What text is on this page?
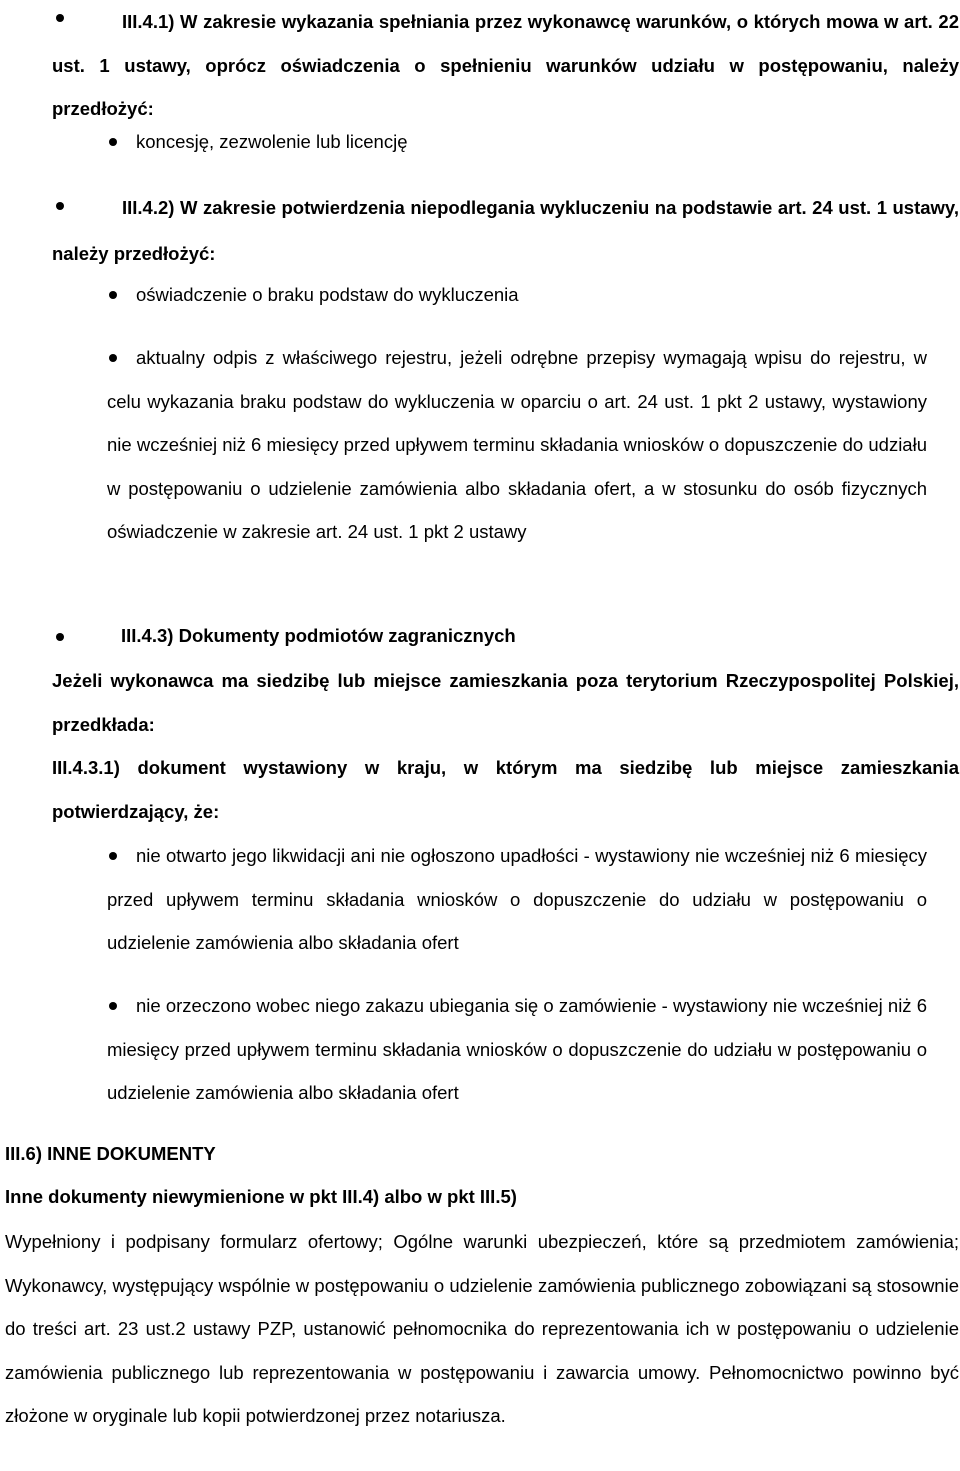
III.4.1) W zakresie wykazania spełniania przez wykonawcę warunków, o których mowa w art. 22 ust. 1 ustawy, oprócz oświadczenia o spełnieniu warunków udziału w postępowaniu, należy przedłożyć:

koncesję, zezwolenie lub licencję

III.4.2) W zakresie potwierdzenia niepodlegania wykluczeniu na podstawie art. 24 ust. 1 ustawy, należy przedłożyć:

oświadczenie o braku podstaw do wykluczenia

aktualny odpis z właściwego rejestru, jeżeli odrębne przepisy wymagają wpisu do rejestru, w celu wykazania braku podstaw do wykluczenia w oparciu o art. 24 ust. 1 pkt 2 ustawy, wystawiony nie wcześniej niż 6 miesięcy przed upływem terminu składania wniosków o dopuszczenie do udziału w postępowaniu o udzielenie zamówienia albo składania ofert, a w stosunku do osób fizycznych oświadczenie w zakresie art. 24 ust. 1 pkt 2 ustawy

III.4.3) Dokumenty podmiotów zagranicznych

Jeżeli wykonawca ma siedzibę lub miejsce zamieszkania poza terytorium Rzeczypospolitej Polskiej, przedkłada:

III.4.3.1) dokument wystawiony w kraju, w którym ma siedzibę lub miejsce zamieszkania potwierdzający, że:

nie otwarto jego likwidacji ani nie ogłoszono upadłości - wystawiony nie wcześniej niż 6 miesięcy przed upływem terminu składania wniosków o dopuszczenie do udziału w postępowaniu o udzielenie zamówienia albo składania ofert

nie orzeczono wobec niego zakazu ubiegania się o zamówienie - wystawiony nie wcześniej niż 6 miesięcy przed upływem terminu składania wniosków o dopuszczenie do udziału w postępowaniu o udzielenie zamówienia albo składania ofert

III.6) INNE DOKUMENTY

Inne dokumenty niewymienione w pkt III.4) albo w pkt III.5)

Wypełniony i podpisany formularz ofertowy; Ogólne warunki ubezpieczeń, które są przedmiotem zamówienia; Wykonawcy, występujący wspólnie w postępowaniu o udzielenie zamówienia publicznego zobowiązani są stosownie do treści art. 23 ust.2 ustawy PZP, ustanowić pełnomocnika do reprezentowania ich w postępowaniu o udzielenie zamówienia publicznego lub reprezentowania w postępowaniu i zawarcia umowy. Pełnomocnictwo powinno być złożone w oryginale lub kopii potwierdzonej przez notariusza.
